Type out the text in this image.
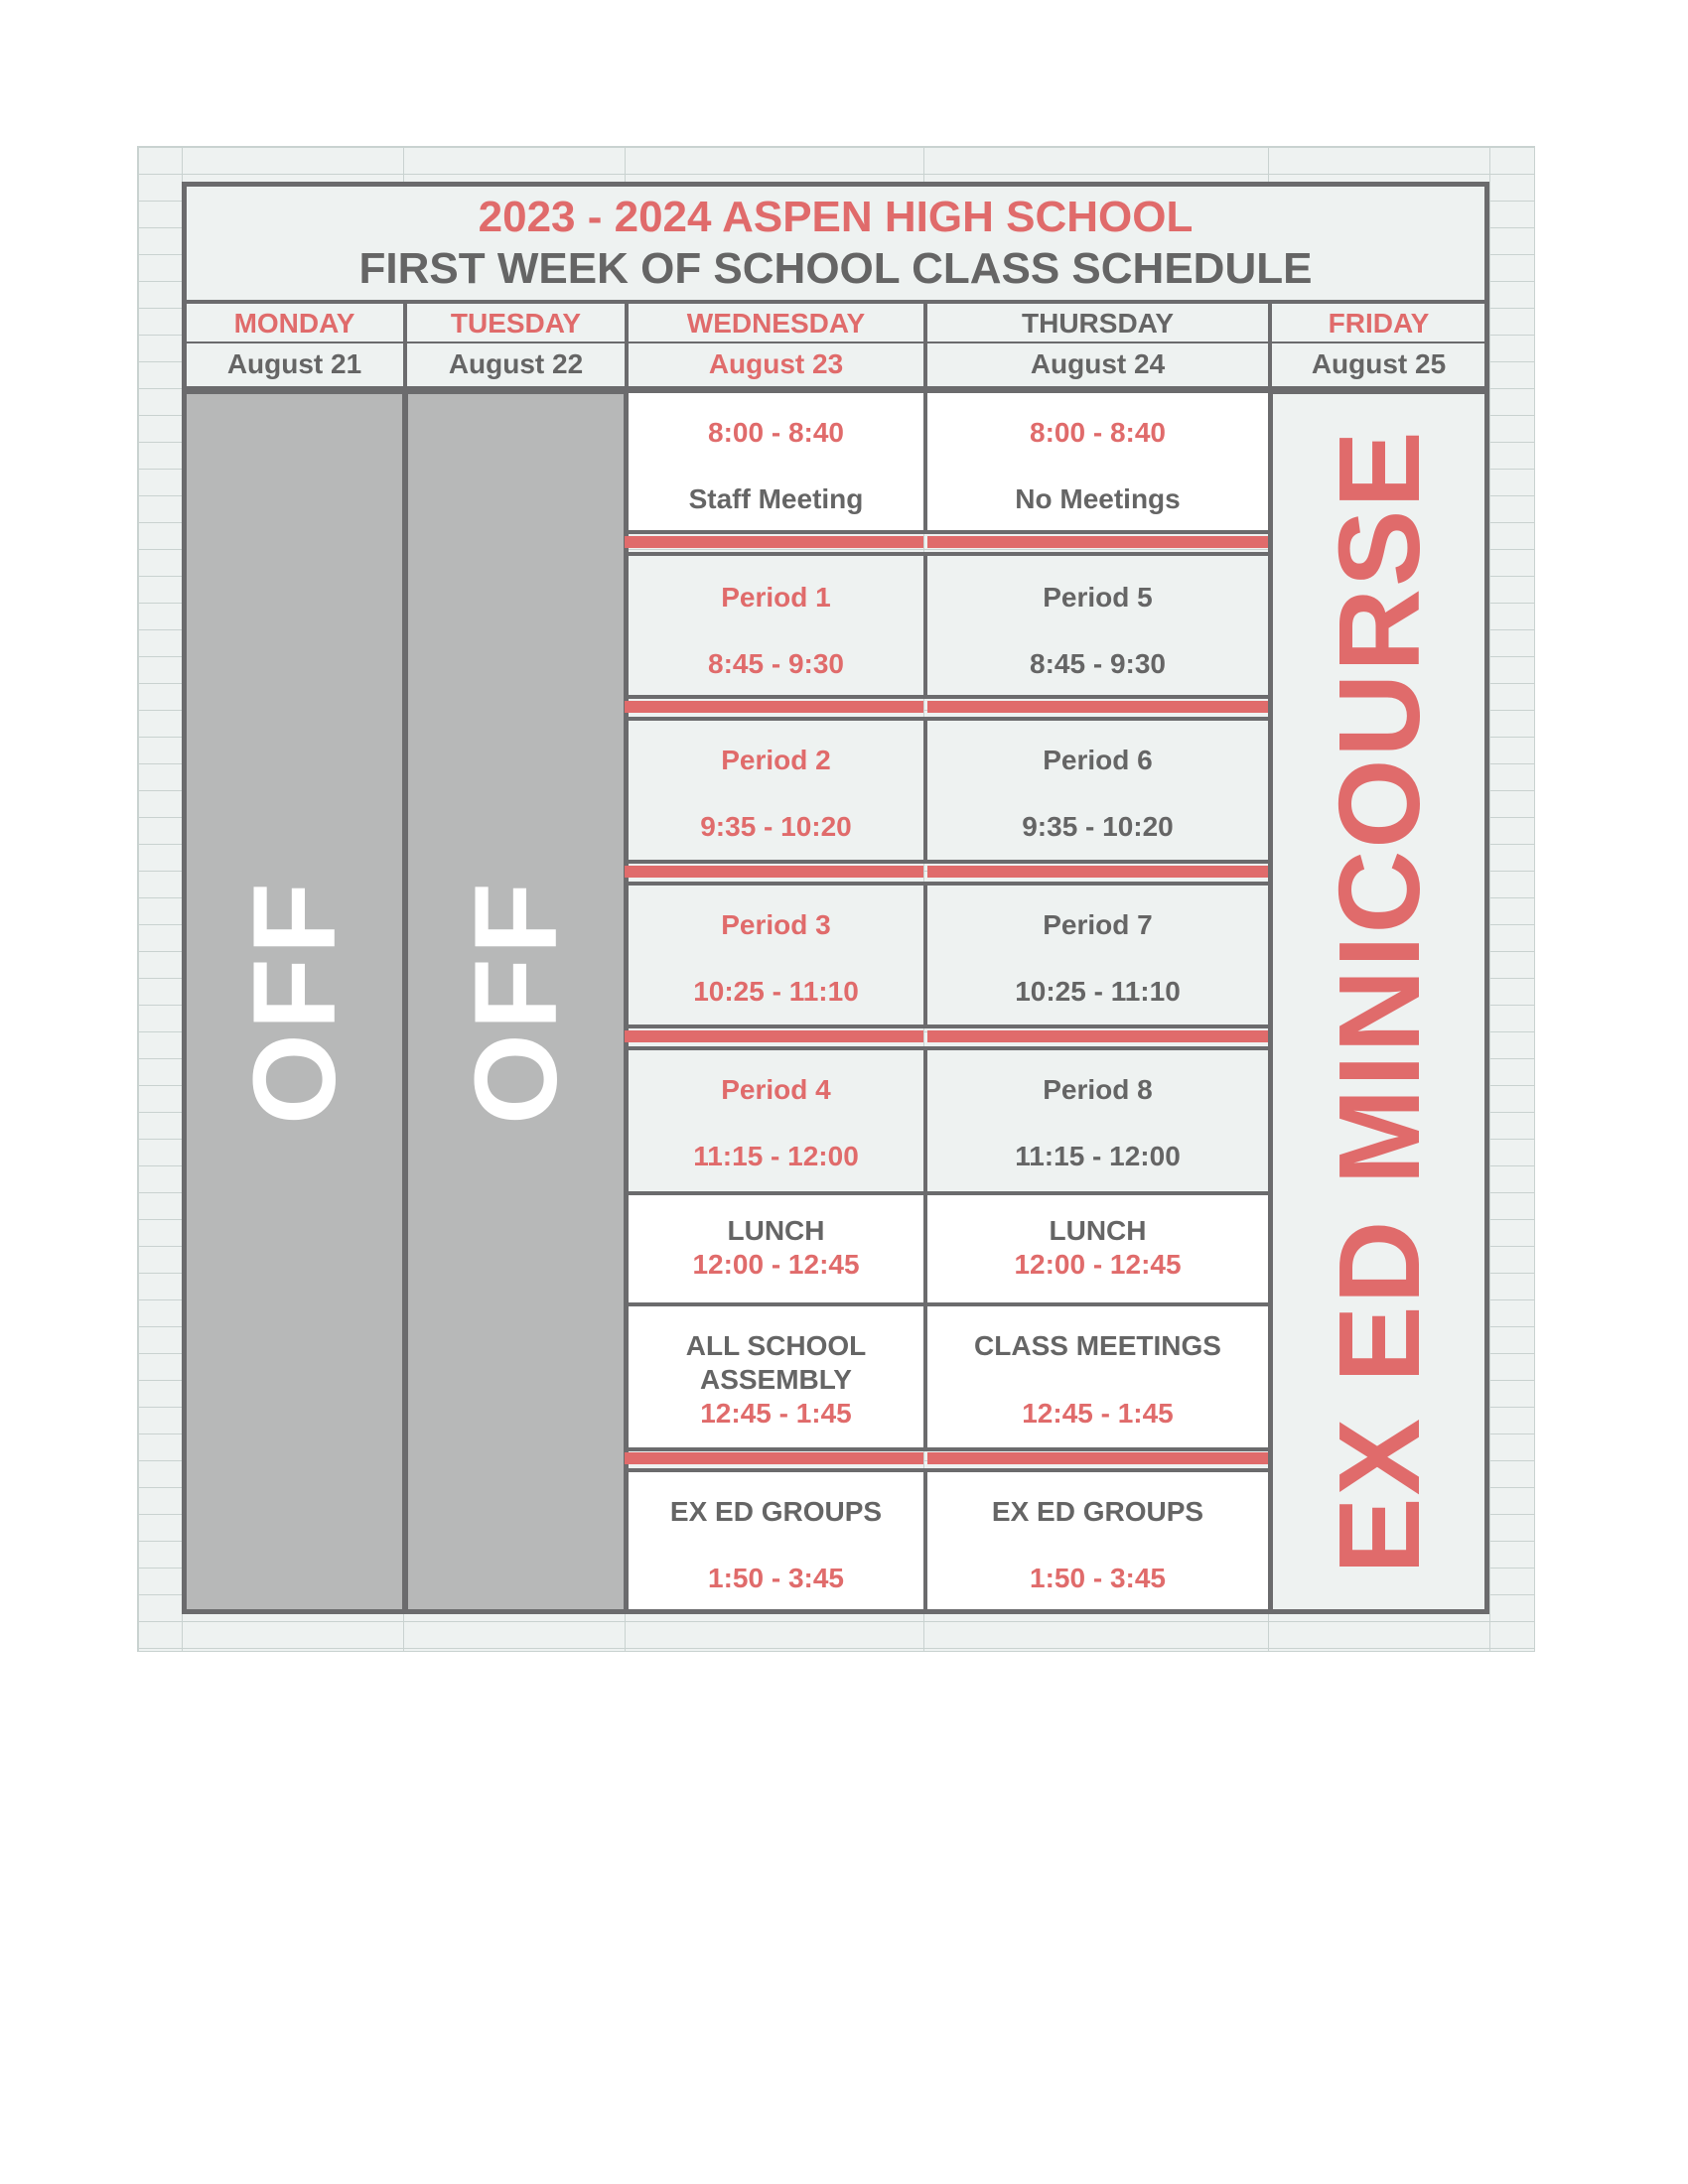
2023 - 2024 ASPEN HIGH SCHOOL
FIRST WEEK OF SCHOOL CLASS SCHEDULE
MONDAY
August 21
TUESDAY
August 22
WEDNESDAY
August 23
THURSDAY
August 24
FRIDAY
August 25
OFF OFF	EX ED MINICOURSE
8:00 - 8:40
Staff Meeting
Period 1
8:45 - 9:30
Period 2
9:35 - 10:20
Period 3
10:25 - 11:10
Period 4
11:15 - 12:00
LUNCH
12:00 - 12:45
ALL SCHOOL
ASSEMBLY
12:45 - 1:45
EX ED GROUPS
1:50 - 3:45
8:00 - 8:40
No Meetings
Period 5
8:45 - 9:30
Period 6
9:35 - 10:20
Period 7
10:25 - 11:10
Period 8
11:15 - 12:00
LUNCH
12:00 - 12:45
CLASS MEETINGS
12:45 - 1:45
EX ED GROUPS
1:50 - 3:45
